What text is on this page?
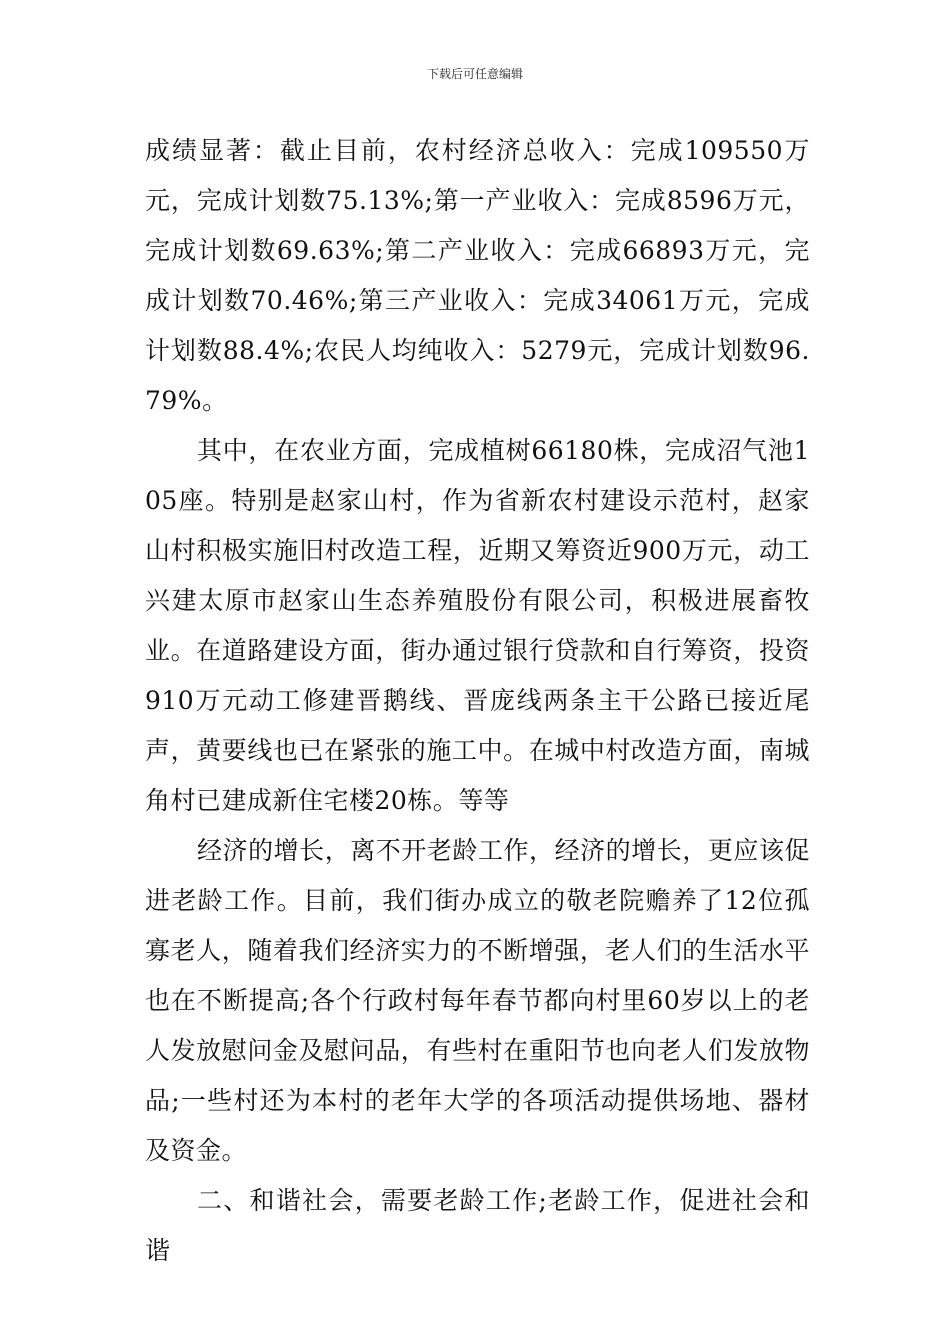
下载后可任意编辑

成绩显著：截止目前，农村经济总收入：完成109550万元，完成计划数75.13%;第一产业收入：完成8596万元，完成计划数69.63%;第二产业收入：完成66893万元，完成计划数70.46%;第三产业收入：完成34061万元，完成计划数88.4%;农民人均纯收入：5279元，完成计划数96.79%。

其中，在农业方面，完成植树66180株，完成沼气池105座。特别是赵家山村，作为省新农村建设示范村，赵家山村积极实施旧村改造工程，近期又筹资近900万元，动工兴建太原市赵家山生态养殖股份有限公司，积极进展畜牧业。在道路建设方面，街办通过银行贷款和自行筹资，投资910万元动工修建晋鹅线、晋庞线两条主干公路已接近尾声，黄要线也已在紧张的施工中。在城中村改造方面，南城角村已建成新住宅楼20栋。等等

经济的增长，离不开老龄工作，经济的增长，更应该促进老龄工作。目前，我们街办成立的敬老院赡养了12位孤寡老人，随着我们经济实力的不断增强，老人们的生活水平也在不断提高;各个行政村每年春节都向村里60岁以上的老人发放慰问金及慰问品，有些村在重阳节也向老人们发放物品;一些村还为本村的老年大学的各项活动提供场地、器材及资金。

二、和谐社会，需要老龄工作;老龄工作，促进社会和谐
